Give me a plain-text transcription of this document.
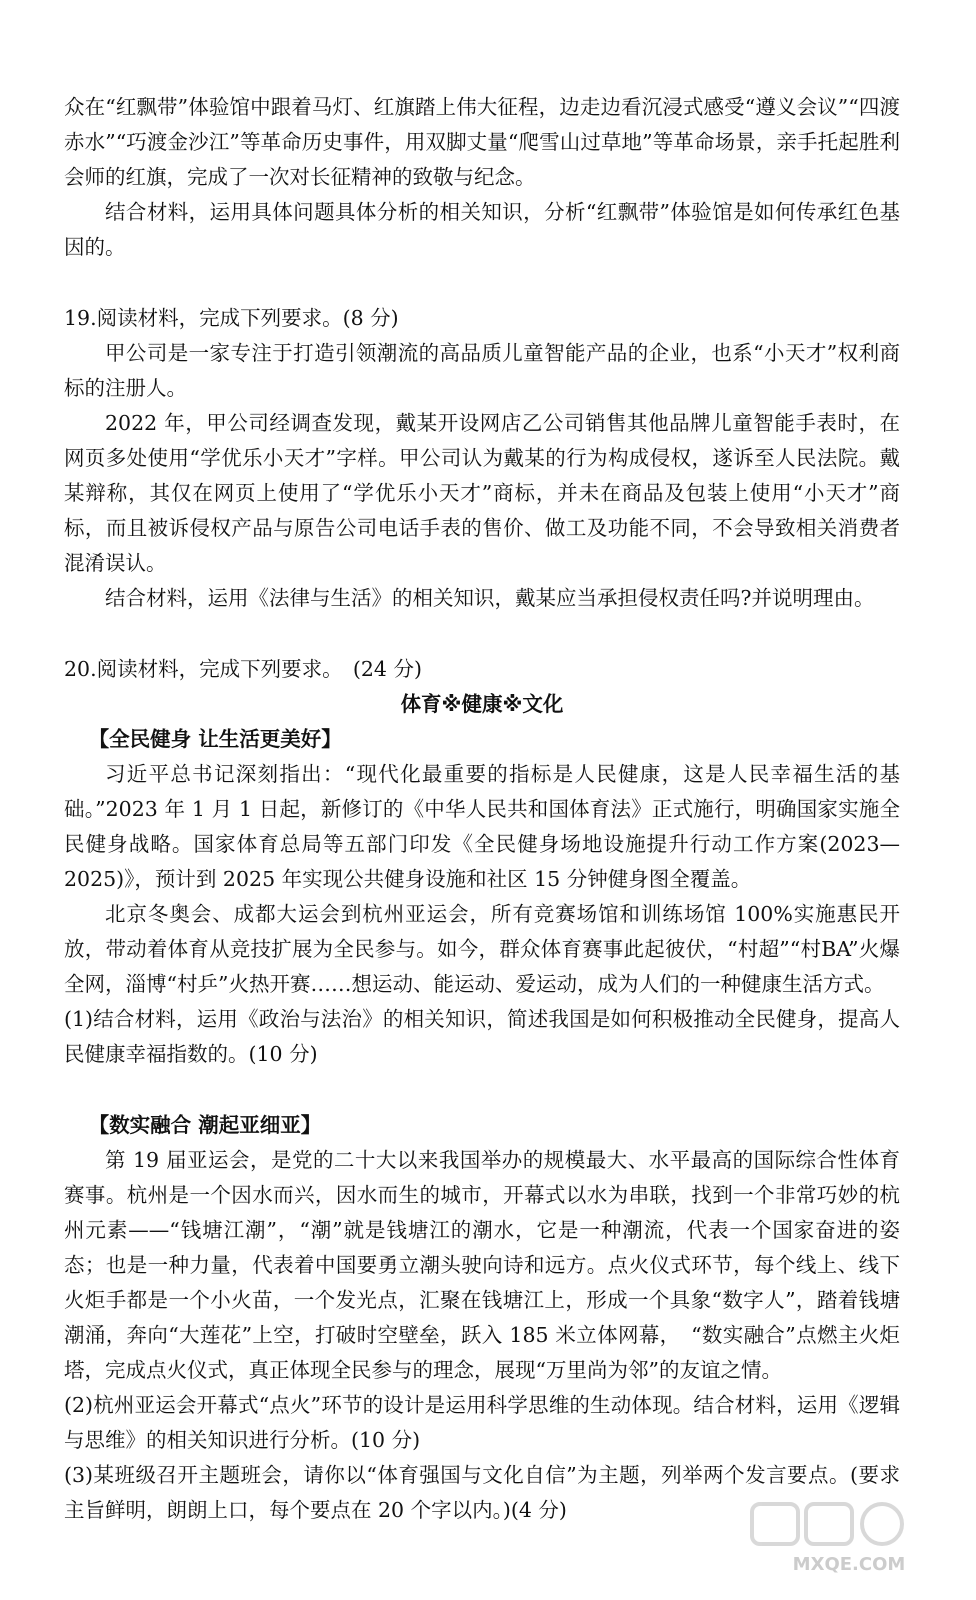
众在“红飘带”体验馆中跟着马灯、红旗踏上伟大征程，边走边看沉浸式感受“遵义会议”“四渡赤水”“巧渡金沙江”等革命历史事件，用双脚丈量“爬雪山过草地”等革命场景，亲手托起胜利会师的红旗，完成了一次对长征精神的致敬与纪念。

结合材料，运用具体问题具体分析的相关知识，分析“红飘带”体验馆是如何传承红色基因的。

19.阅读材料，完成下列要求。(8 分)

甲公司是一家专注于打造引领潮流的高品质儿童智能产品的企业，也系“小天才”权利商标的注册人。

2022 年，甲公司经调查发现，戴某开设网店乙公司销售其他品牌儿童智能手表时，在网页多处使用“学优乐小天才”字样。甲公司认为戴某的行为构成侵权，遂诉至人民法院。戴某辩称，其仅在网页上使用了“学优乐小天才”商标，并未在商品及包装上使用“小天才”商标，而且被诉侵权产品与原告公司电话手表的售价、做工及功能不同，不会导致相关消费者混淆误认。

结合材料，运用《法律与生活》的相关知识，戴某应当承担侵权责任吗?并说明理由。

20.阅读材料，完成下列要求。　(24 分)

体育※健康※文化

【全民健身 让生活更美好】

习近平总书记深刻指出：“现代化最重要的指标是人民健康，这是人民幸福生活的基础。”2023 年 1 月 1 日起，新修订的《中华人民共和国体育法》正式施行，明确国家实施全民健身战略。国家体育总局等五部门印发《全民健身场地设施提升行动工作方案(2023—2025)》，预计到 2025 年实现公共健身设施和社区 15 分钟健身图全覆盖。

北京冬奥会、成都大运会到杭州亚运会，所有竞赛场馆和训练场馆 100%实施惠民开放，带动着体育从竞技扩展为全民参与。如今，群众体育赛事此起彼伏，“村超”“村BA”火爆全网，淄博“村乒”火热开赛……想运动、能运动、爱运动，成为人们的一种健康生活方式。

(1)结合材料，运用《政治与法治》的相关知识，简述我国是如何积极推动全民健身，提高人民健康幸福指数的。(10 分)

【数实融合 潮起亚细亚】

第 19 届亚运会，是党的二十大以来我国举办的规模最大、水平最高的国际综合性体育赛事。杭州是一个因水而兴，因水而生的城市，开幕式以水为串联，找到一个非常巧妙的杭州元素——“钱塘江潮”，“潮”就是钱塘江的潮水，它是一种潮流，代表一个国家奋进的姿态；也是一种力量，代表着中国要勇立潮头驶向诗和远方。点火仪式环节，每个线上、线下火炬手都是一个小火苗，一个发光点，汇聚在钱塘江上，形成一个具象“数字人”，踏着钱塘潮涌，奔向“大莲花”上空，打破时空壁垒，跃入 185 米立体网幕，　“数实融合”点燃主火炬塔，完成点火仪式，真正体现全民参与的理念，展现“万里尚为邻”的友谊之情。

(2)杭州亚运会开幕式“点火”环节的设计是运用科学思维的生动体现。结合材料，运用《逻辑与思维》的相关知识进行分析。(10 分)

(3)某班级召开主题班会，请你以“体育强国与文化自信”为主题，列举两个发言要点。(要求主旨鲜明，朗朗上口，每个要点在 20 个字以内。)(4 分)

MXQE.COM
